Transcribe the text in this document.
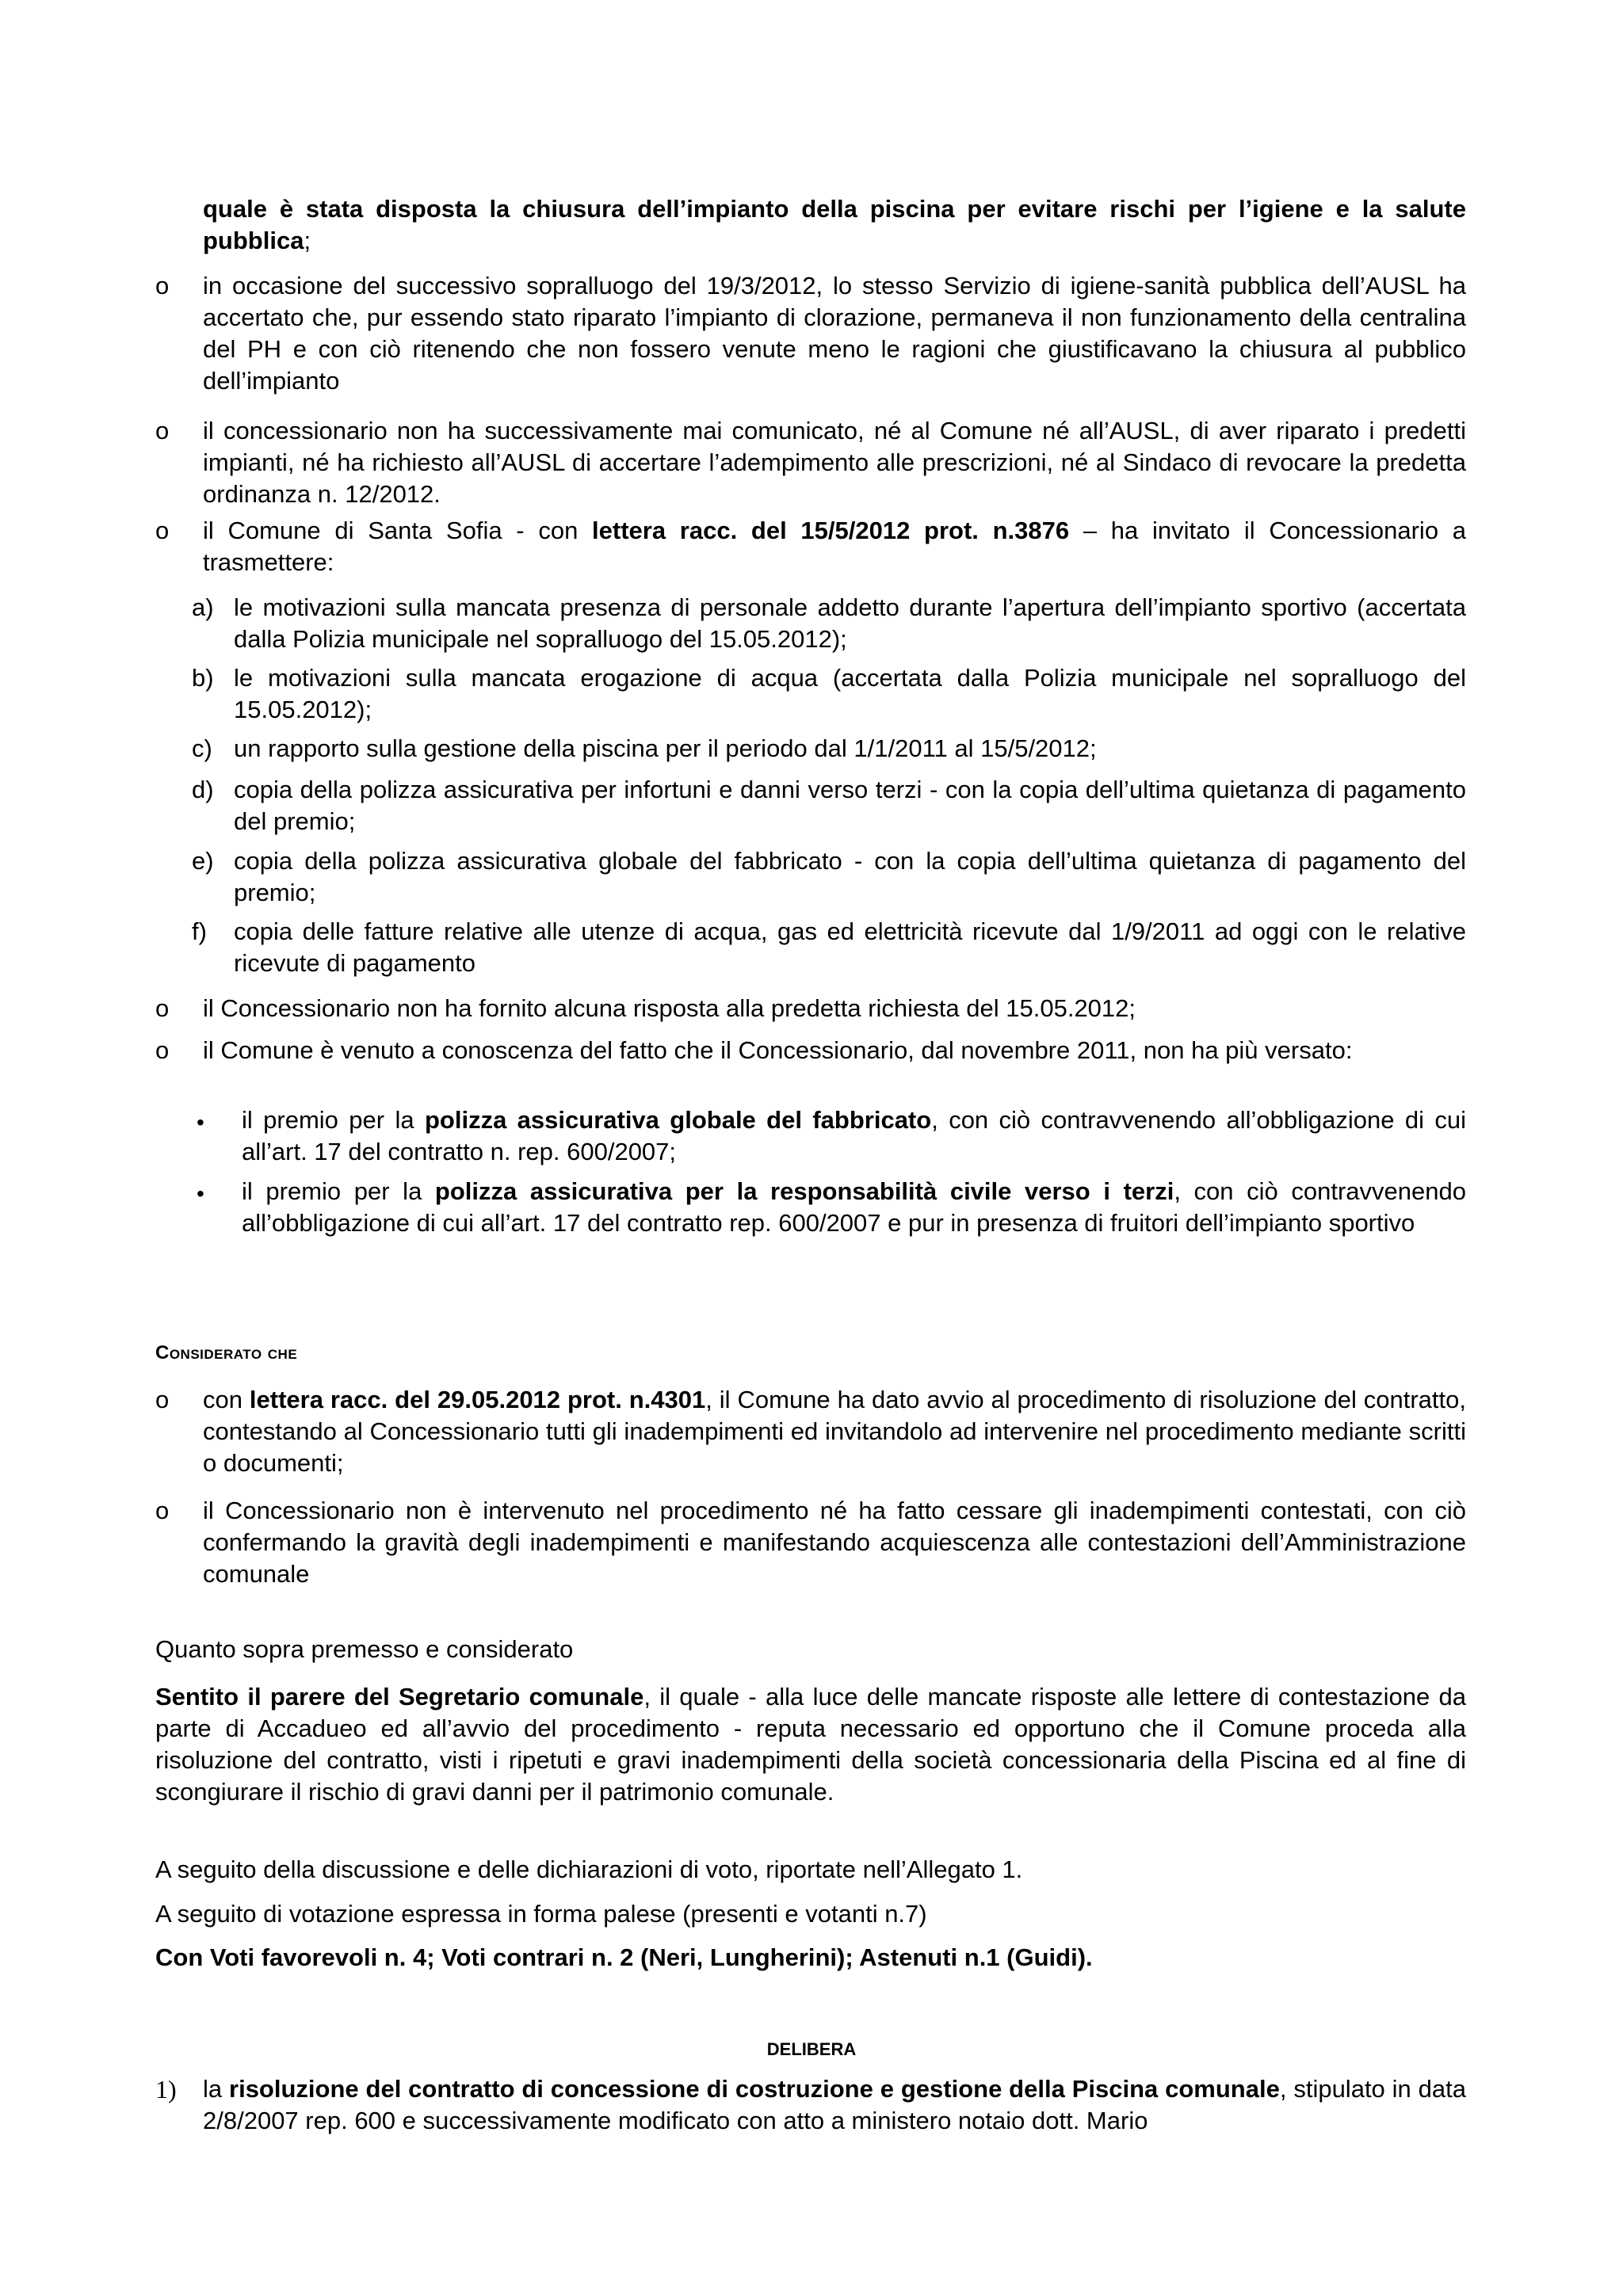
quale è stata disposta la chiusura dell’impianto della piscina per evitare rischi per l’igiene e la salute pubblica;
o	in occasione del successivo sopralluogo del 19/3/2012, lo stesso Servizio di igiene-sanità pubblica dell’AUSL ha accertato che, pur essendo stato riparato l’impianto di clorazione, permaneva il non funzionamento della centralina del PH e con ciò ritenendo che non fossero venute meno le ragioni che giustificavano la chiusura al pubblico dell’impianto
o	il concessionario non ha successivamente mai comunicato, né al Comune né all’AUSL, di aver riparato i predetti impianti, né ha richiesto all’AUSL di accertare l’adempimento alle prescrizioni, né al Sindaco di revocare la predetta ordinanza n. 12/2012.
o	il Comune di Santa Sofia - con lettera racc. del 15/5/2012 prot. n.3876 – ha invitato il Concessionario a trasmettere:
a) le motivazioni sulla mancata presenza di personale addetto durante l’apertura dell’impianto sportivo (accertata dalla Polizia municipale nel sopralluogo del 15.05.2012);
b) le motivazioni sulla mancata erogazione di acqua (accertata dalla Polizia municipale nel sopralluogo del 15.05.2012);
c) un rapporto sulla gestione della piscina per il periodo dal 1/1/2011 al 15/5/2012;
d) copia della polizza assicurativa per infortuni e danni verso terzi - con la copia dell’ultima quietanza di pagamento del premio;
e) copia della polizza assicurativa globale del fabbricato - con la copia dell’ultima quietanza di pagamento del premio;
f)	copia delle fatture relative alle utenze di acqua, gas ed elettricità ricevute dal 1/9/2011 ad oggi con le relative ricevute di pagamento
o	il Concessionario non ha fornito alcuna risposta alla predetta richiesta del 15.05.2012;
o	il Comune è venuto a conoscenza del fatto che il Concessionario, dal novembre 2011, non ha più versato:
• il premio per la polizza assicurativa globale del fabbricato, con ciò contravvenendo all’obbligazione di cui all’art. 17 del contratto n. rep. 600/2007;
• il premio per la polizza assicurativa per la responsabilità civile verso i terzi, con ciò contravvenendo all’obbligazione di cui all’art. 17 del contratto rep. 600/2007 e pur in presenza di fruitori dell’impianto sportivo
Considerato che
o	con lettera racc. del 29.05.2012 prot. n.4301, il Comune ha dato avvio al procedimento di risoluzione del contratto, contestando al Concessionario tutti gli inadempimenti ed invitandolo ad intervenire nel procedimento mediante scritti o documenti;
o	il Concessionario non è intervenuto nel procedimento né ha fatto cessare gli inadempimenti contestati, con ciò confermando la gravità degli inadempimenti e manifestando acquiescenza alle contestazioni dell’Amministrazione comunale
Quanto sopra premesso e considerato
Sentito il parere del Segretario comunale, il quale - alla luce delle mancate risposte alle lettere di contestazione da parte di Accadueo ed all’avvio del procedimento - reputa necessario ed opportuno che il Comune proceda alla risoluzione del contratto, visti i ripetuti e gravi inadempimenti della società concessionaria della Piscina ed al fine di scongiurare il rischio di gravi danni per il patrimonio comunale.
A seguito della discussione e delle dichiarazioni di voto, riportate nell’Allegato 1.
A seguito di votazione espressa in forma palese (presenti e votanti n.7)
Con Voti favorevoli n. 4; Voti contrari n. 2 (Neri, Lungherini); Astenuti n.1 (Guidi).
DELIBERA
1) la risoluzione del contratto di concessione di costruzione e gestione della Piscina comunale, stipulato in data 2/8/2007 rep. 600 e successivamente modificato con atto a ministero notaio dott. Mario
